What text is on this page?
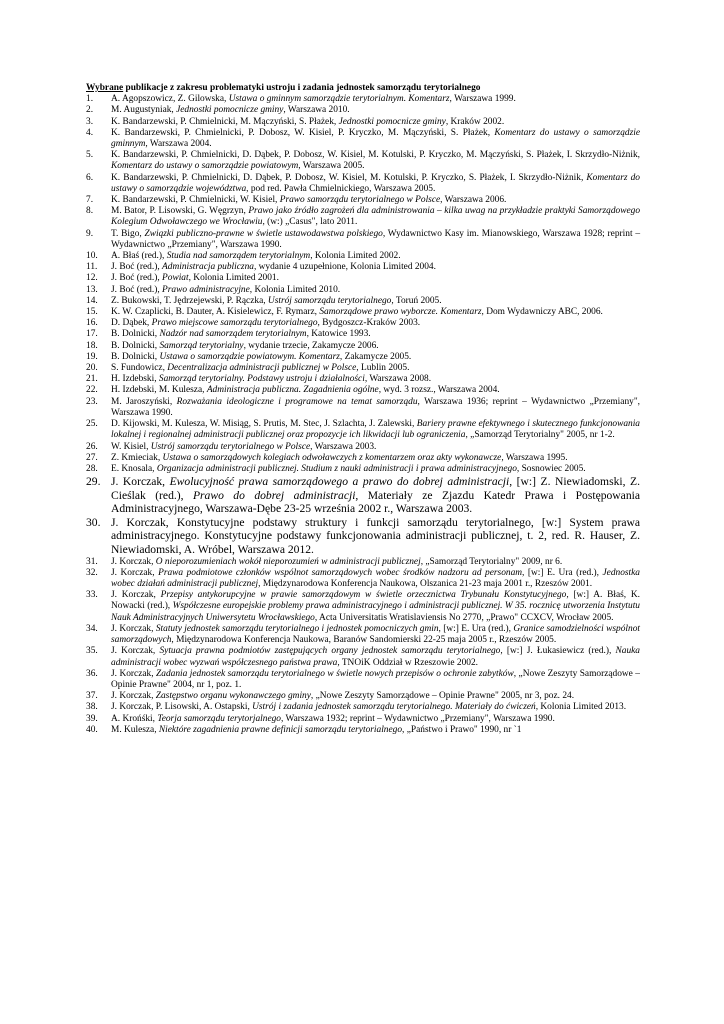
Wybrane publikacje z zakresu problematyki ustroju i zadania jednostek samorządu terytorialnego

1. A. Agopszowicz, Z. Gilowska, Ustawa o gminnym samorządzie terytorialnym. Komentarz, Warszawa 1999.

2. M. Augustyniak, Jednostki pomocnicze gminy, Warszawa 2010.

3. K. Bandarzewski, P. Chmielnicki, M. Mączyński, S. Płażek, Jednostki pomocnicze gminy, Kraków 2002.

4. K. Bandarzewski, P. Chmielnicki, P. Dobosz, W. Kisiel, P. Kryczko, M. Mączyński, S. Płażek, Komentarz do ustawy o samorządzie gminnym, Warszawa 2004.

5. K. Bandarzewski, P. Chmielnicki, D. Dąbek, P. Dobosz, W. Kisiel, M. Kotulski, P. Kryczko, M. Mączyński, S. Płażek, I. Skrzydło-Niżnik, Komentarz do ustawy o samorządzie powiatowym, Warszawa 2005.

6. K. Bandarzewski, P. Chmielnicki, D. Dąbek, P. Dobosz, W. Kisiel, M. Kotulski, P. Kryczko, S. Płażek, I. Skrzydło-Niżnik, Komentarz do ustawy o samorządzie województwa, pod red. Pawła Chmielnickiego, Warszawa 2005.

7. K. Bandarzewski, P. Chmielnicki, W. Kisiel, Prawo samorządu terytorialnego w Polsce, Warszawa 2006.

8. M. Bator, P. Lisowski, G. Węgrzyn, Prawo jako źródło zagrożeń dla administrowania – kilka uwag na przykładzie praktyki Samorządowego Kolegium Odwoławczego we Wrocławiu, (w:) „Casus", lato 2011.

9. T. Bigo, Związki publiczno-prawne w świetle ustawodawstwa polskiego, Wydawnictwo Kasy im. Mianowskiego, Warszawa 1928; reprint – Wydawnictwo „Przemiany", Warszawa 1990.

10. A. Błaś (red.), Studia nad samorządem terytorialnym, Kolonia Limited 2002.

11. J. Boć (red.), Administracja publiczna, wydanie 4 uzupełnione, Kolonia Limited 2004.

12. J. Boć (red.), Powiat, Kolonia Limited 2001.

13. J. Boć (red.), Prawo administracyjne, Kolonia Limited 2010.

14. Z. Bukowski, T. Jędrzejewski, P. Rączka, Ustrój samorządu terytorialnego, Toruń 2005.

15. K. W. Czaplicki, B. Dauter, A. Kisielewicz, F. Rymarz, Samorządowe prawo wyborcze. Komentarz, Dom Wydawniczy ABC, 2006.

16. D. Dąbek, Prawo miejscowe samorządu terytorialnego, Bydgoszcz-Kraków 2003.

17. B. Dolnicki, Nadzór nad samorządem terytorialnym, Katowice 1993.

18. B. Dolnicki, Samorząd terytorialny, wydanie trzecie, Zakamycze 2006.

19. B. Dolnicki, Ustawa o samorządzie powiatowym. Komentarz, Zakamycze 2005.

20. S. Fundowicz, Decentralizacja administracji publicznej w Polsce, Lublin 2005.

21. H. Izdebski, Samorząd terytorialny. Podstawy ustroju i działalności, Warszawa 2008.

22. H. Izdebski, M. Kulesza, Administracja publiczna. Zagadnienia ogólne, wyd. 3 rozsz., Warszawa 2004.

23. M. Jaroszyński, Rozważania ideologiczne i programowe na temat samorządu, Warszawa 1936; reprint – Wydawnictwo „Przemiany", Warszawa 1990.

25. D. Kijowski, M. Kulesza, W. Misiąg, S. Prutis, M. Stec, J. Szlachta, J. Zalewski, Bariery prawne efektywnego i skutecznego funkcjonowania lokalnej i regionalnej administracji publicznej oraz propozycje ich likwidacji lub ograniczenia, „Samorząd Terytorialny" 2005, nr 1-2.

26. W. Kisiel, Ustrój samorządu terytorialnego w Polsce, Warszawa 2003.

27. Z. Kmieciak, Ustawa o samorządowych kolegiach odwoławczych z komentarzem oraz akty wykonawcze, Warszawa 1995.

28. E. Knosala, Organizacja administracji publicznej. Studium z nauki administracji i prawa administracyjnego, Sosnowiec 2005.

29. J. Korczak, Ewolucyjność prawa samorządowego a prawo do dobrej administracji, [w:] Z. Niewiadomski, Z. Cieślak (red.), Prawo do dobrej administracji, Materiały ze Zjazdu Katedr Prawa i Postępowania Administracyjnego, Warszawa-Dębe 23-25 września 2002 r., Warszawa 2003.

30. J. Korczak, Konstytucyjne podstawy struktury i funkcji samorządu terytorialnego, [w:] System prawa administracyjnego. Konstytucyjne podstawy funkcjonowania administracji publicznej, t. 2, red. R. Hauser, Z. Niewiadomski, A. Wróbel, Warszawa 2012.

31. J. Korczak, O nieporozumieniach wokół nieporozumień w administracji publicznej, „Samorząd Terytorialny" 2009, nr 6.

32. J. Korczak, Prawa podmiotowe członków wspólnot samorządowych wobec środków nadzoru ad personam, [w:] E. Ura (red.), Jednostka wobec działań administracji publicznej, Międzynarodowa Konferencja Naukowa, Olszanica 21-23 maja 2001 r., Rzeszów 2001.

33. J. Korczak, Przepisy antykorupcyjne w prawie samorządowym w świetle orzecznictwa Trybunału Konstytucyjnego, [w:] A. Błaś, K. Nowacki (red.), Współczesne europejskie problemy prawa administracyjnego i administracji publicznej. W 35. rocznicę utworzenia Instytutu Nauk Administracyjnych Uniwersytetu Wrocławskiego, Acta Universitatis Wratislaviensis No 2770, „Prawo" CCXCV, Wrocław 2005.

34. J. Korczak, Statuty jednostek samorządu terytorialnego i jednostek pomocniczych gmin, [w:] E. Ura (red.), Granice samodzielności wspólnot samorządowych, Międzynarodowa Konferencja Naukowa, Baranów Sandomierski 22-25 maja 2005 r., Rzeszów 2005.

35. J. Korczak, Sytuacja prawna podmiotów zastępujących organy jednostek samorządu terytorialnego, [w:] J. Łukasiewicz (red.), Nauka administracji wobec wyzwań współczesnego państwa prawa, TNOiK Oddział w Rzeszowie 2002.

36. J. Korczak, Zadania jednostek samorządu terytorialnego w świetle nowych przepisów o ochronie zabytków, „Nowe Zeszyty Samorządowe – Opinie Prawne" 2004, nr 1, poz. 1.

37. J. Korczak, Zastępstwo organu wykonawczego gminy, „Nowe Zeszyty Samorządowe – Opinie Prawne" 2005, nr 3, poz. 24.

38. J. Korczak, P. Lisowski, A. Ostapski, Ustrój i zadania jednostek samorządu terytorialnego. Materiały do ćwiczeń, Kolonia Limited 2013.

39. A. Krońśki, Teorja samorządu terytorjalnego, Warszawa 1932; reprint – Wydawnictwo „Przemiany", Warszawa 1990.

40. M. Kulesza, Niektóre zagadnienia prawne definicji samorządu terytorialnego, „Państwo i Prawo" 1990, nr `1
